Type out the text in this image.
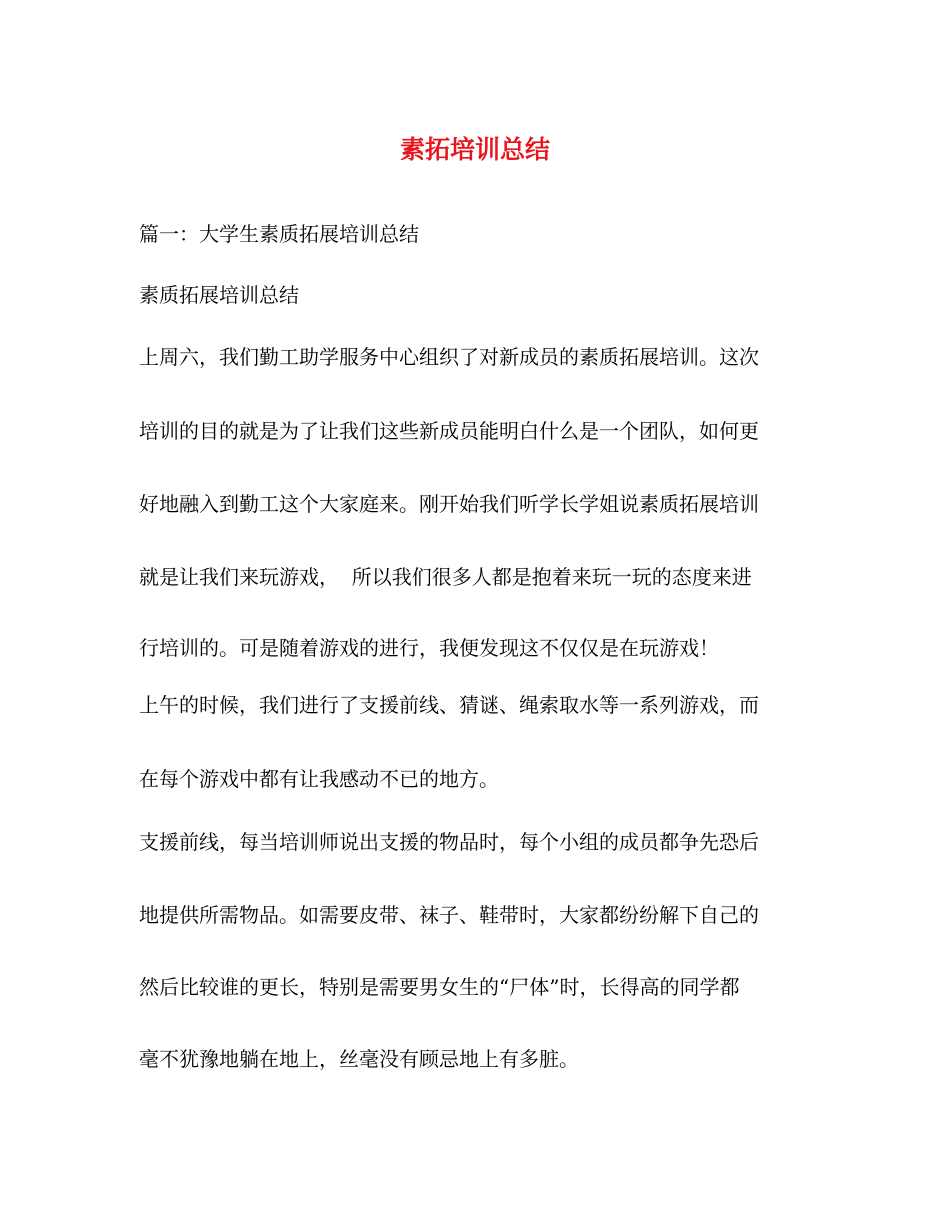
素拓培训总结
篇一：大学生素质拓展培训总结
素质拓展培训总结
上周六，我们勤工助学服务中心组织了对新成员的素质拓展培训。这次
培训的目的就是为了让我们这些新成员能明白什么是一个团队，如何更
好地融入到勤工这个大家庭来。刚开始我们听学长学姐说素质拓展培训
就是让我们来玩游戏，  所以我们很多人都是抱着来玩一玩的态度来进
行培训的。可是随着游戏的进行，我便发现这不仅仅是在玩游戏！
上午的时候，我们进行了支援前线、猜谜、绳索取水等一系列游戏，而
在每个游戏中都有让我感动不已的地方。
支援前线，每当培训师说出支援的物品时，每个小组的成员都争先恐后
地提供所需物品。如需要皮带、袜子、鞋带时，大家都纷纷解下自己的
然后比较谁的更长，特别是需要男女生的“尸体”时，长得高的同学都
毫不犹豫地躺在地上，丝毫没有顾忌地上有多脏。
